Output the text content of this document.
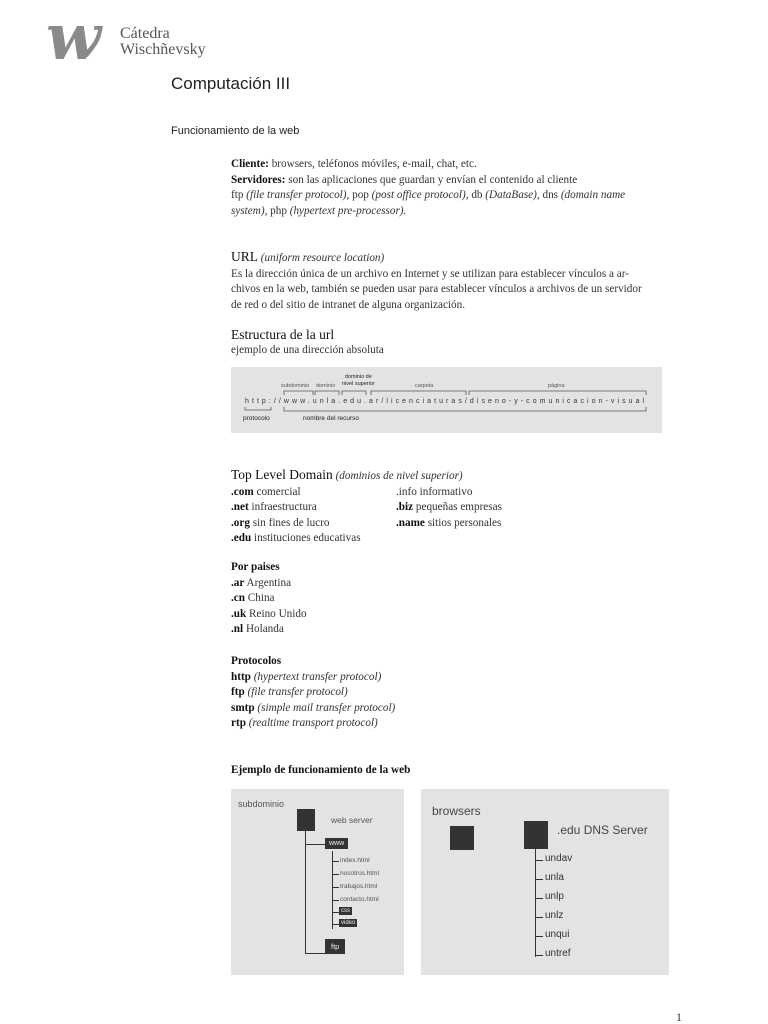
w Cátedra
Wischñevsky
Computación III
Funcionamiento de la web
Cliente: browsers, teléfonos móviles, e-mail, chat, etc.
Servidores: son las aplicaciones que guardan y envían el contenido al cliente
ftp (file transfer protocol), pop (post office protocol), db (DataBase), dns (domain name
system), php (hypertext pre-processor).
URL (uniform resource location)
Es la dirección única de un archivo en Internet y se utilizan para establecer vínculos a ar-
chivos en la web, también se pueden usar para establecer vínculos a archivos de un servidor
de red o del sitio de intranet de alguna organización.
Estructura de la url
ejemplo de una dirección absoluta
subdominio dominio
dominio de
nivel superior	carpeta	página
http://www.unla.edu.ar/licenciaturas/diseno-y-comunicacion-visual
protocolo	nombre del recurso
Top Level Domain (dominios de nivel superior)
.com comercial	.info informativo
.net infraestructura	.biz pequeñas empresas
.org sin fines de lucro	.name sitios personales
.edu instituciones educativas
Por paises
.ar Argentina
.cn China
.uk Reino Unido
.nl Holanda
Protocolos
http (hypertext transfer protocol)
ftp (file transfer protocol)
smtp (simple mail transfer protocol)
rtp (realtime transport protocol)
Ejemplo de funcionamiento de la web
subdominio
web server
www
index.html
nosotros.html
trabajos.html
contacto.html
css
video
ftp
browsers
.edu DNS Server
undav
unla
unlp
unlz
unqui
untref
1
